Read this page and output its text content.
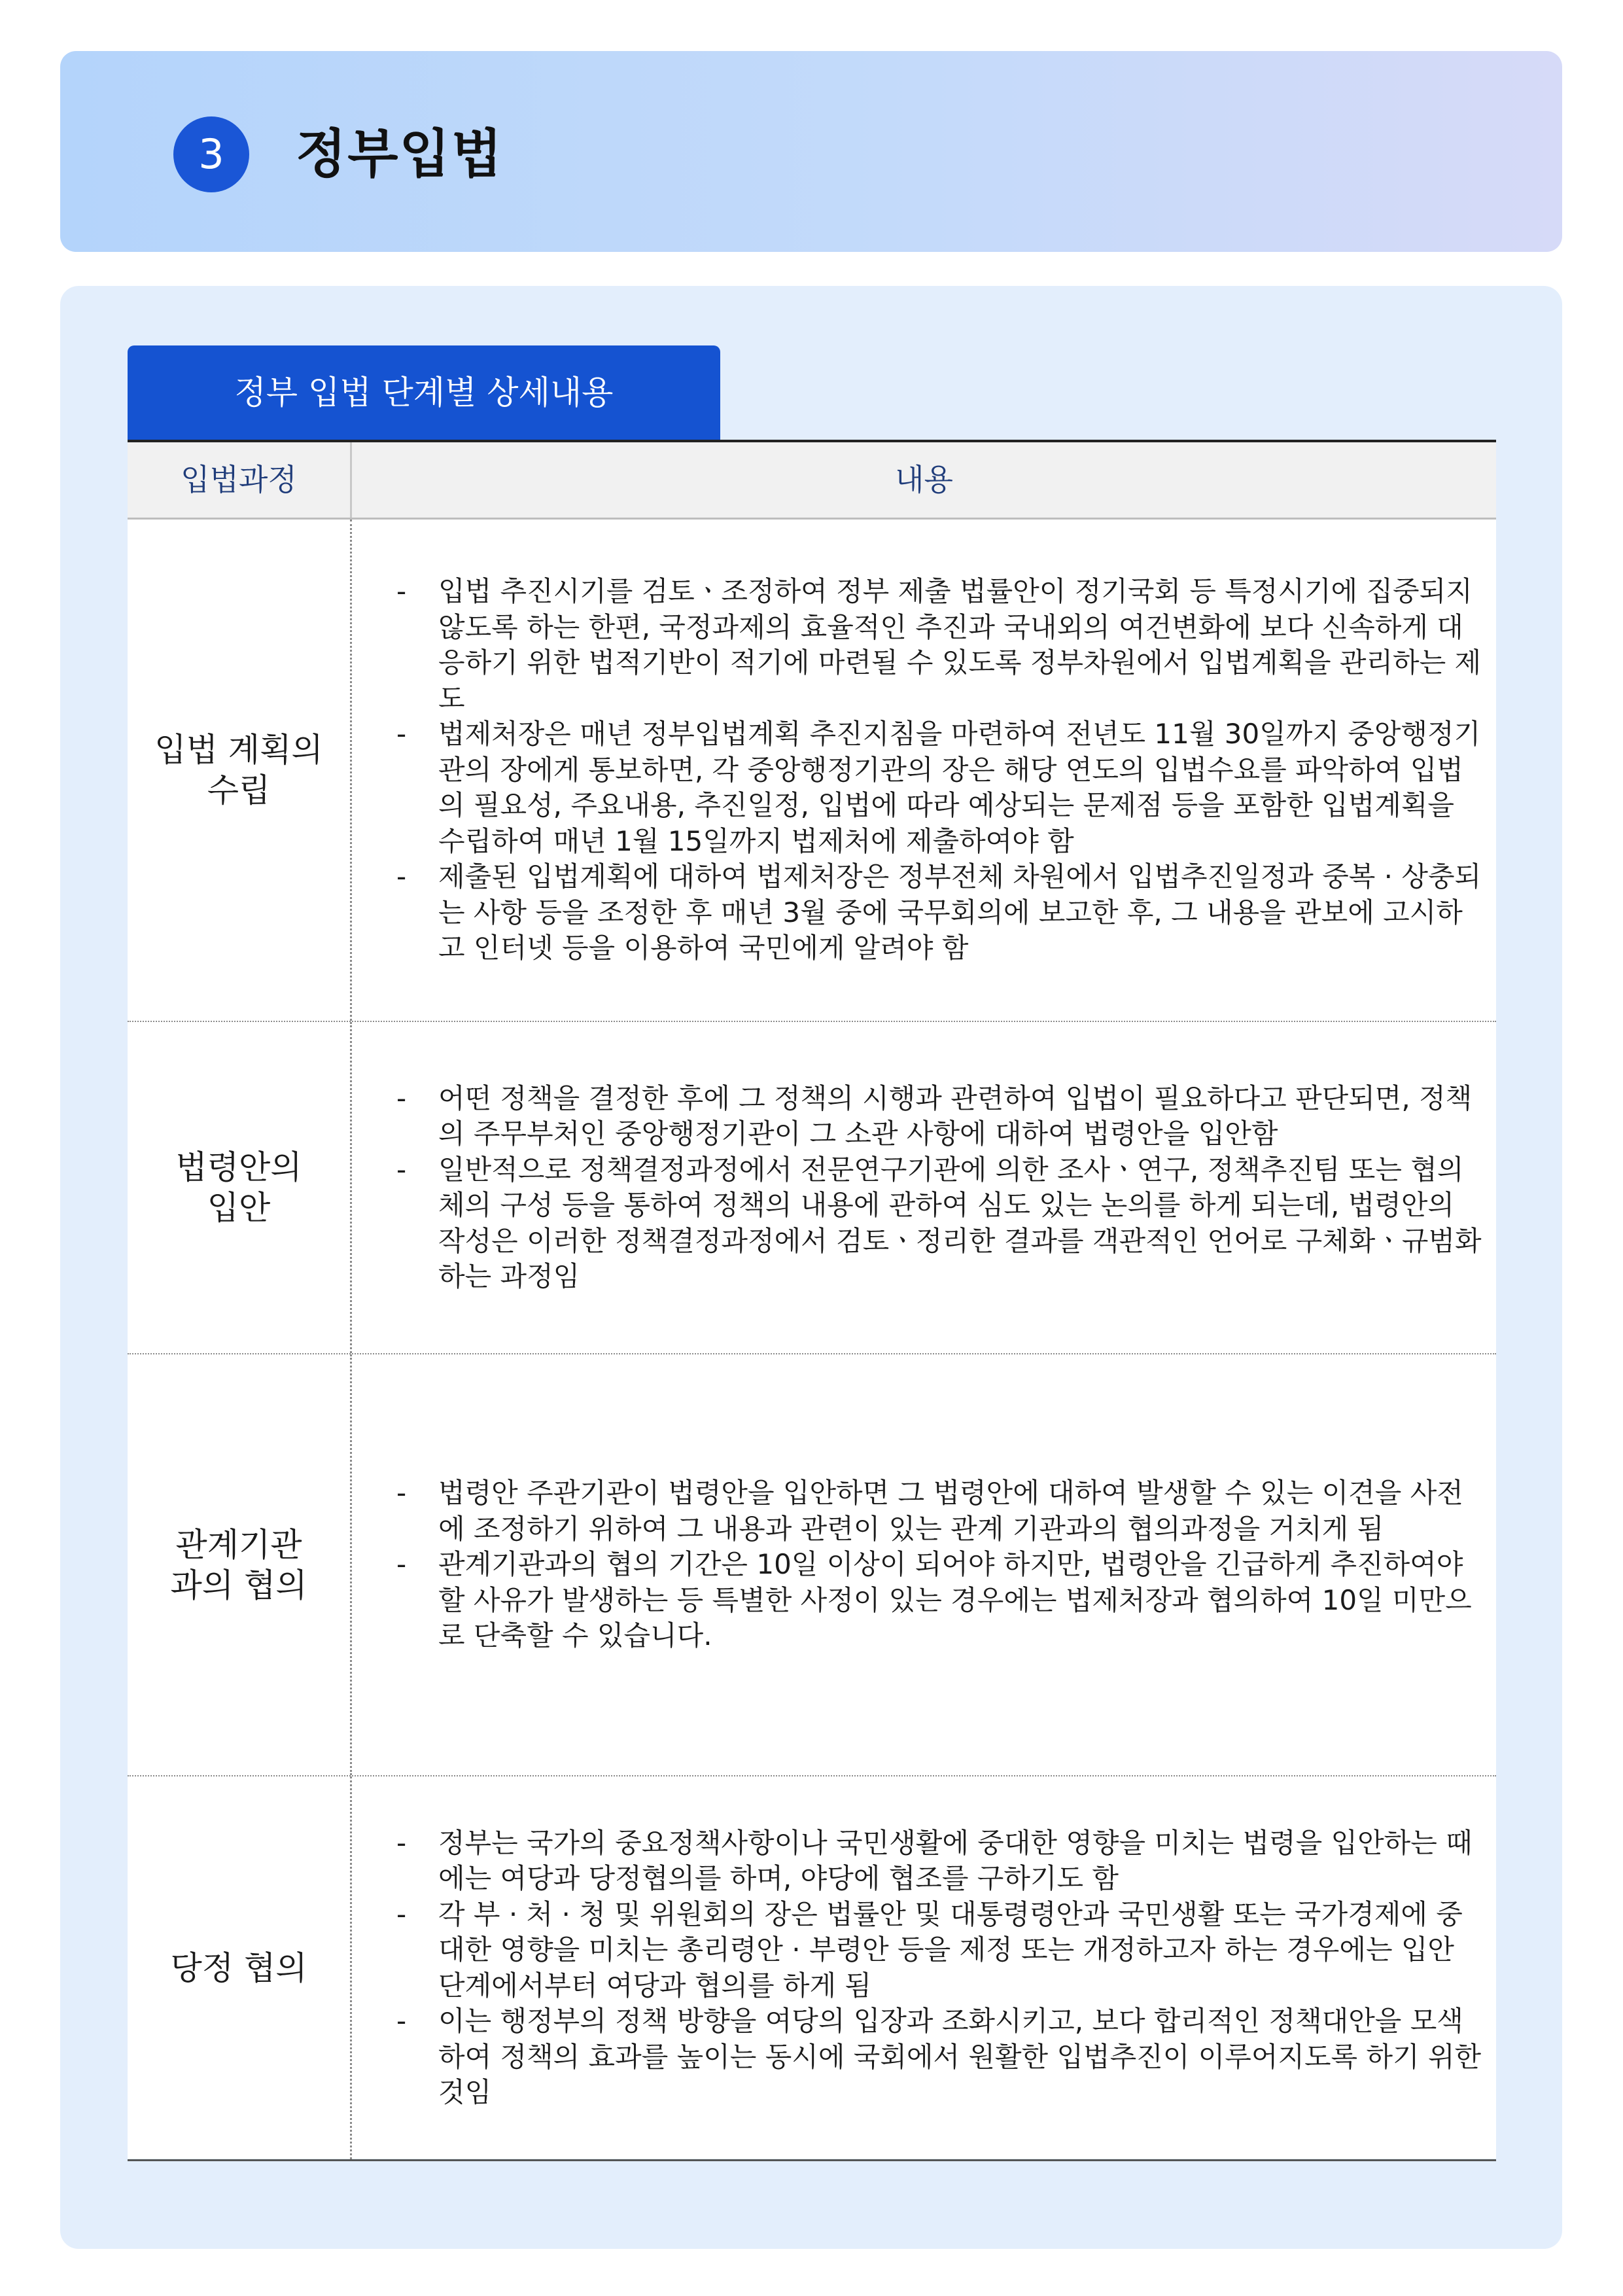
3	정부입법
정부 입법 단계별 상세내용
입법과정	내용
입법 계획의
수립
- 입법 추진시기를 검토ㆍ조정하여 정부 제출 법률안이 정기국회 등 특정시기에 집중되지 않도록 하는 한편, 국정과제의 효율적인 추진과 국내외의 여건변화에 보다 신속하게 대응하기 위한 법적기반이 적기에 마련될 수 있도록 정부차원에서 입법계획을 관리하는 제도
- 법제처장은 매년 정부입법계획 추진지침을 마련하여 전년도 11월 30일까지 중앙행정기관의 장에게 통보하면, 각 중앙행정기관의 장은 해당 연도의 입법수요를 파악하여 입법의 필요성, 주요내용, 추진일정, 입법에 따라 예상되는 문제점 등을 포함한 입법계획을 수립하여 매년 1월 15일까지 법제처에 제출하여야 함
- 제출된 입법계획에 대하여 법제처장은 정부전체 차원에서 입법추진일정과 중복 · 상충되는 사항 등을 조정한 후 매년 3월 중에 국무회의에 보고한 후, 그 내용을 관보에 고시하고 인터넷 등을 이용하여 국민에게 알려야 함
법령안의
입안
- 어떤 정책을 결정한 후에 그 정책의 시행과 관련하여 입법이 필요하다고 판단되면, 정책의 주무부처인 중앙행정기관이 그 소관 사항에 대하여 법령안을 입안함
- 일반적으로 정책결정과정에서 전문연구기관에 의한 조사ㆍ연구, 정책추진팀 또는 협의체의 구성 등을 통하여 정책의 내용에 관하여 심도 있는 논의를 하게 되는데, 법령안의 작성은 이러한 정책결정과정에서 검토ㆍ정리한 결과를 객관적인 언어로 구체화ㆍ규범화 하는 과정임
관계기관
과의 협의
- 법령안 주관기관이 법령안을 입안하면 그 법령안에 대하여 발생할 수 있는 이견을 사전에 조정하기 위하여 그 내용과 관련이 있는 관계 기관과의 협의과정을 거치게 됨
- 관계기관과의 협의 기간은 10일 이상이 되어야 하지만, 법령안을 긴급하게 추진하여야 할 사유가 발생하는 등 특별한 사정이 있는 경우에는 법제처장과 협의하여 10일 미만으로 단축할 수 있습니다.
당정 협의
- 정부는 국가의 중요정책사항이나 국민생활에 중대한 영향을 미치는 법령을 입안하는 때에는 여당과 당정협의를 하며, 야당에 협조를 구하기도 함
- 각 부 · 처 · 청 및 위원회의 장은 법률안 및 대통령령안과 국민생활 또는 국가경제에 중대한 영향을 미치는 총리령안 · 부령안 등을 제정 또는 개정하고자 하는 경우에는 입안 단계에서부터 여당과 협의를 하게 됨
- 이는 행정부의 정책 방향을 여당의 입장과 조화시키고, 보다 합리적인 정책대안을 모색하여 정책의 효과를 높이는 동시에 국회에서 원활한 입법추진이 이루어지도록 하기 위한 것임
